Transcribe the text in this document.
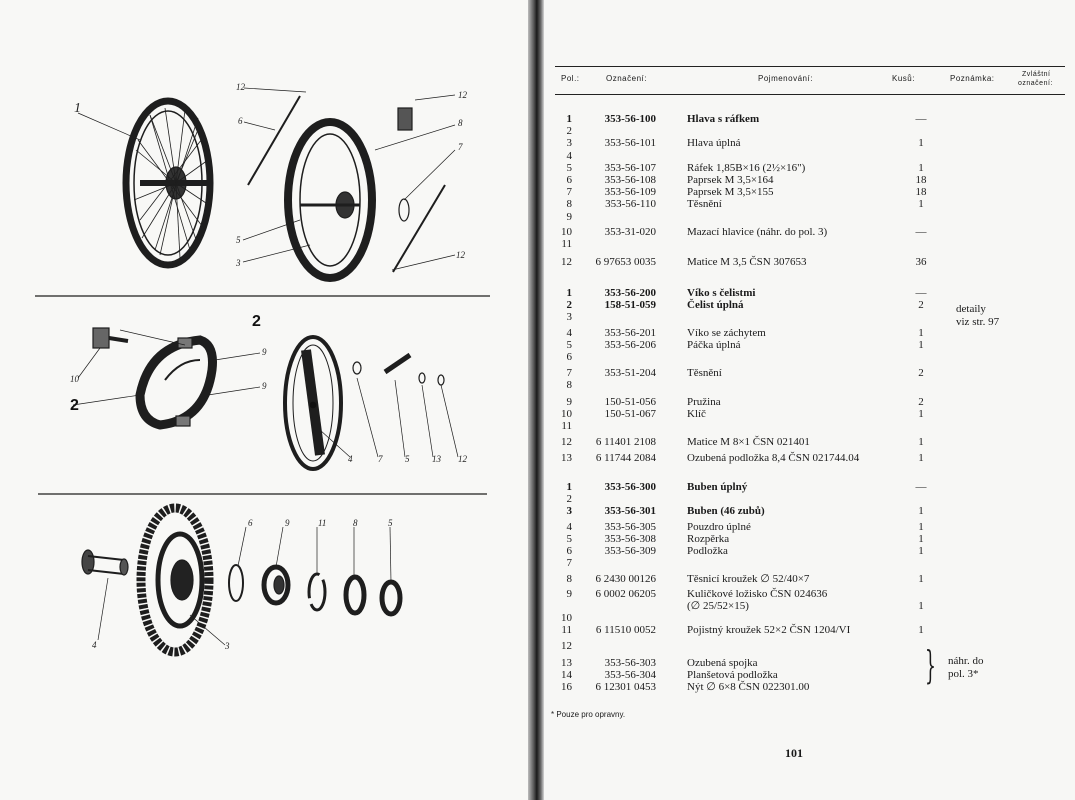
1
12
6
12
8
7
12
5
3
2
10
2
9
9
4	7	5	13 12
4	3
6	9	11	8	5
Pol.:	Označení:	Pojmenování:	Kusů:	Poznámka:	Zvláštní
označení:
1	353-56-100	Hlava s ráfkem	—
2
3	353-56-101	Hlava úplná	1
4
5	353-56-107	Ráfek 1,85B×16 (2½×16")	1
6	353-56-108	Paprsek M 3,5×164	18
7	353-56-109	Paprsek M 3,5×155	18
8	353-56-110	Těsnění	1
9
10	353-31-020	Mazací hlavice (náhr. do pol. 3)	—
11
12	6 97653 0035	Matice M 3,5 ČSN 307653	36
1	353-56-200	Víko s čelistmi	—
2	158-51-059	Čelist úplná	2
3
4	353-56-201	Víko se záchytem	1
5	353-56-206	Páčka úplná	1
6
7	353-51-204	Těsnění	2
8
9	150-51-056	Pružina	2
10	150-51-067	Klíč	1
11
12	6 11401 2108	Matice M 8×1 ČSN 021401	1
13	6 11744 2084	Ozubená podložka 8,4 ČSN 021744.04	1
1	353-56-300	Buben úplný	—
2
3	353-56-301	Buben (46 zubů)	1
4	353-56-305	Pouzdro úplné	1
5	353-56-308	Rozpěrka	1
6	353-56-309	Podložka	1
7
8	6 2430 00126	Těsnicí kroužek ∅ 52/40×7	1
9	6 0002 06205	Kuličkové ložisko ČSN 024636
(∅ 25/52×15)	1
10
11	6 11510 0052	Pojistný kroužek 52×2 ČSN 1204/VI	1
12
13	353-56-303	Ozubená spojka
14	353-56-304	Planšetová podložka
16	6 12301 0453	Nýt ∅ 6×8 ČSN 022301.00
detaily
viz str. 97
} náhr. do
pol. 3*
* Pouze pro opravny.
101
